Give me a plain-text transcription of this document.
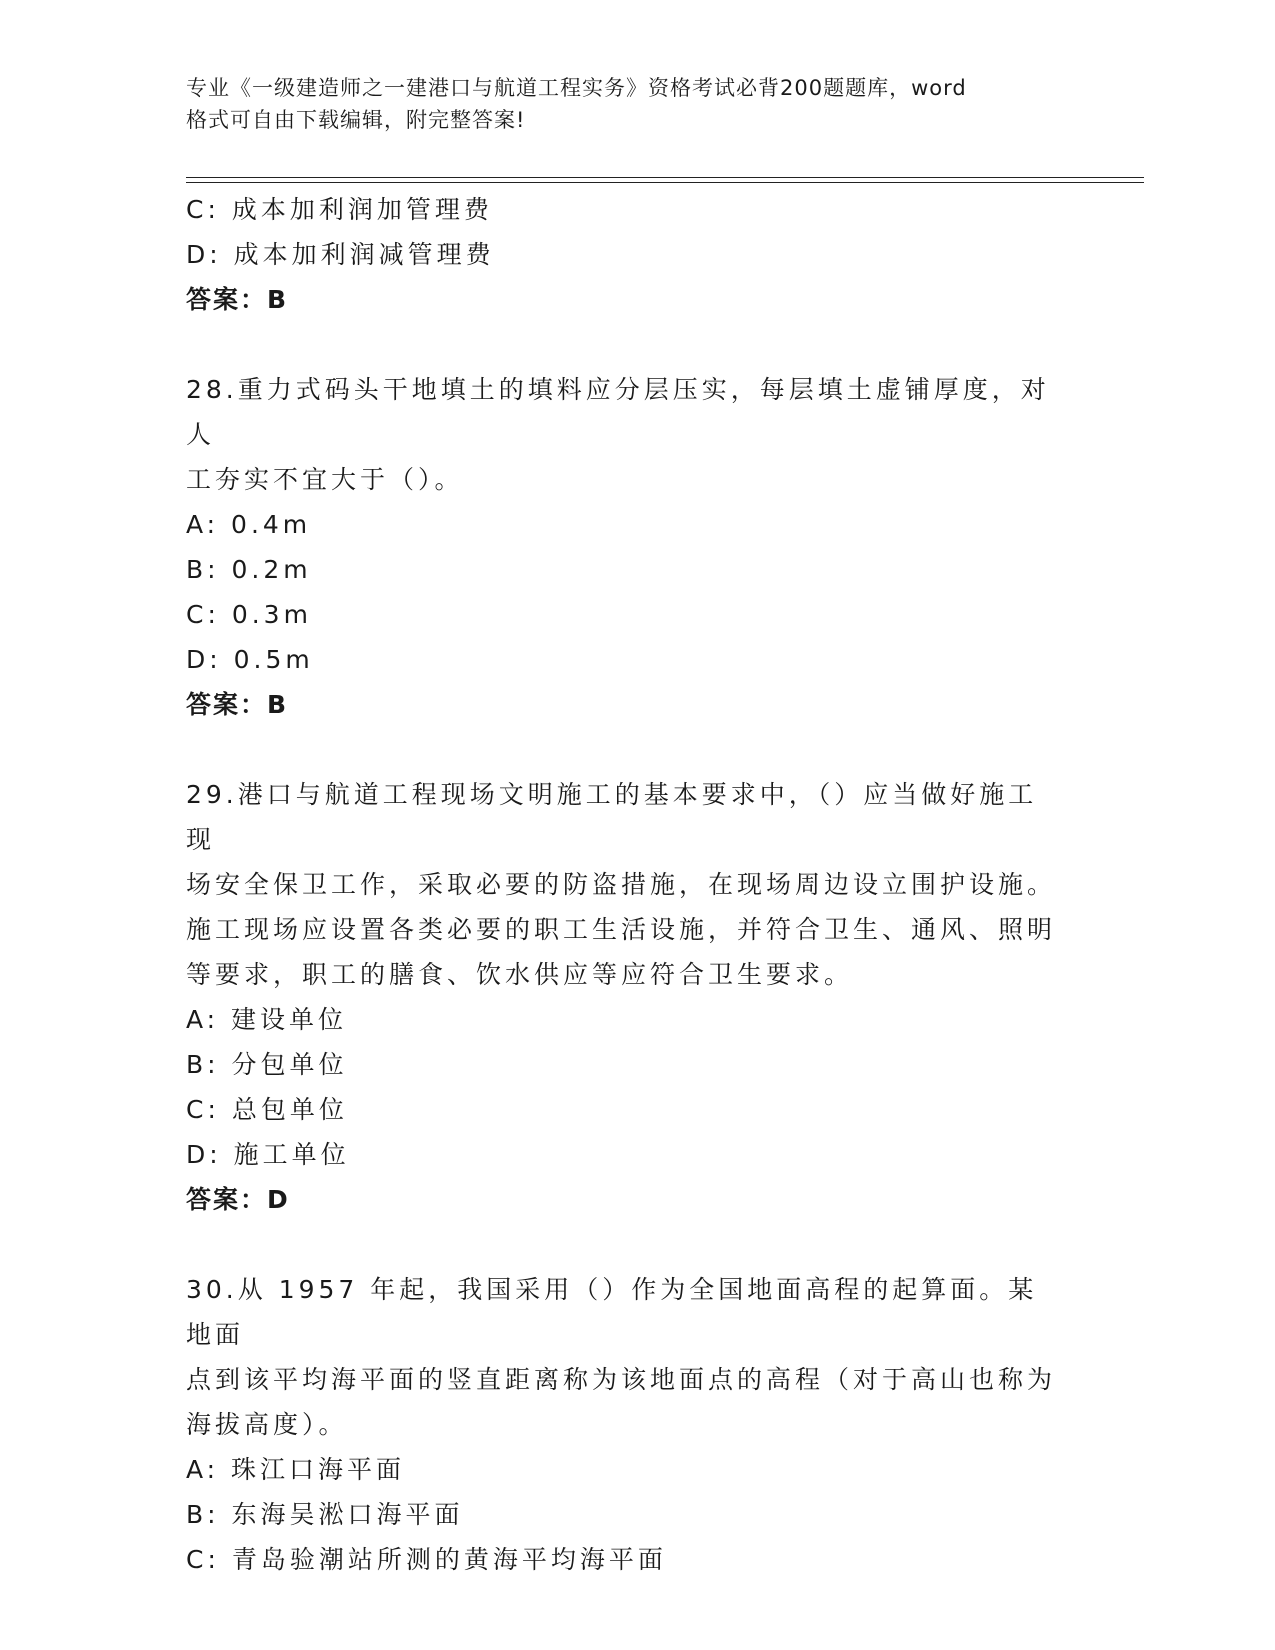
专业《一级建造师之一建港口与航道工程实务》资格考试必背200题题库，word
格式可自由下载编辑，附完整答案!
C: 成本加利润加管理费
D: 成本加利润减管理费
答案：B
28.重力式码头干地填土的填料应分层压实，每层填土虚铺厚度，对人
工夯实不宜大于（）。
A: 0.4m
B: 0.2m
C: 0.3m
D: 0.5m
答案：B
29.港口与航道工程现场文明施工的基本要求中，（）应当做好施工现
场安全保卫工作，采取必要的防盗措施，在现场周边设立围护设施。
施工现场应设置各类必要的职工生活设施，并符合卫生、通风、照明
等要求，职工的膳食、饮水供应等应符合卫生要求。
A: 建设单位
B: 分包单位
C: 总包单位
D: 施工单位
答案：D
30.从 1957 年起，我国采用（）作为全国地面高程的起算面。某地面
点到该平均海平面的竖直距离称为该地面点的高程（对于高山也称为
海拔高度）。
A: 珠江口海平面
B: 东海吴淞口海平面
C: 青岛验潮站所测的黄海平均海平面
